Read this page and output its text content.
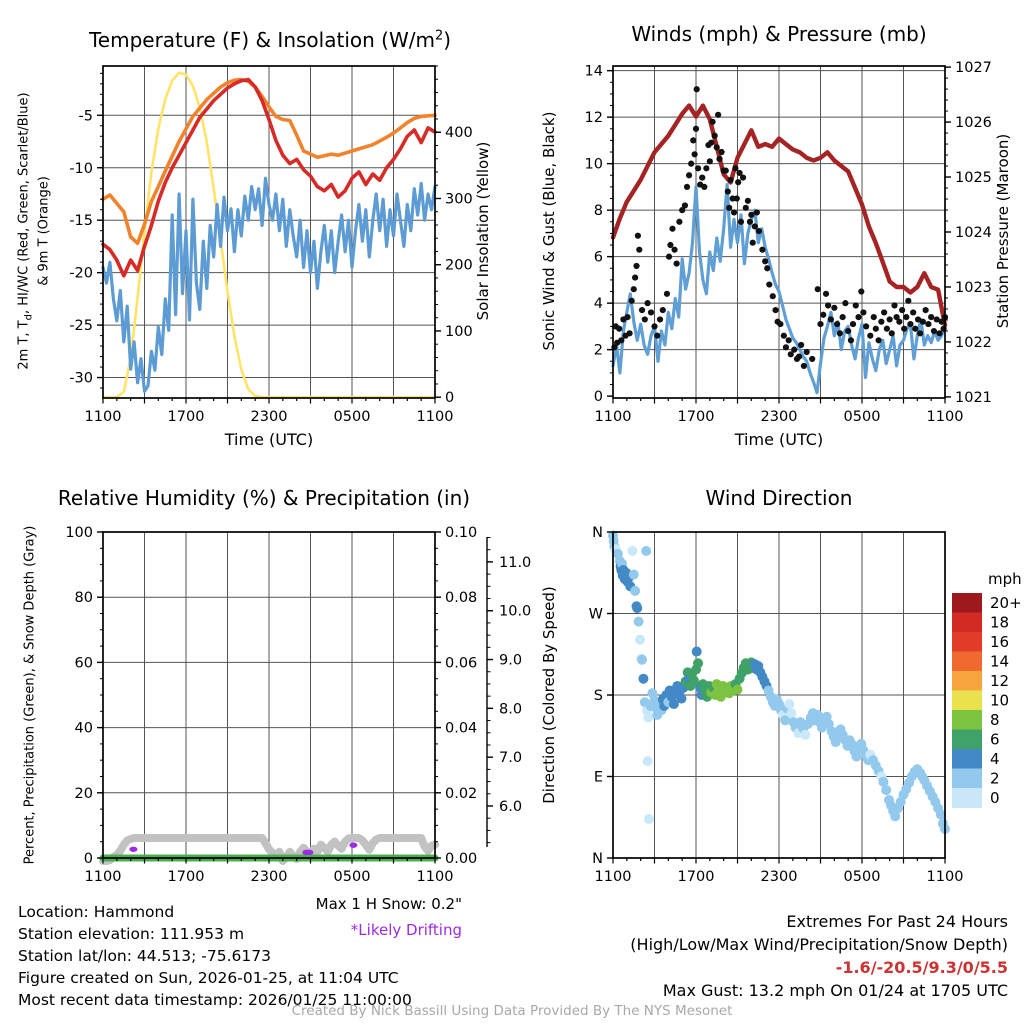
1100	1700	2300	0500	1100
-30
-25
-20
-15
-10
-5
0
100
200
300
400
1100	1700	2300	0500	1100
0
2
4
6
8
10
12
14
1021
1022
1023
1024
1025
1026
1027
1100	1700	2300	0500	1100
0
20
40
60
80
100
0.00
0.02
0.04
0.06
0.08
0.10
6.0
7.0
8.0
9.0
10.0
11.0
1100	1700	2300	0500	1100
N
E
S
W
N
mph
20+
18
16
14
12
10
8
6
4
2
0
Temperature (F) & Insolation $(W/m^2)$	Winds (mph) & Pressure (mb)
Relative Humidity (%) & Precipitation (in)	Wind Direction
2m T, $T_d$, HI/WC (Red, Green, Scarlet/Blue) & 9m T (Orange)	Solar Insolation (Yellow)	Sonic Wind & Gust (Blue, Black)	Station Pressure (Maroon)
Percent, Precipitation (Green), & Snow Depth (Gray)	Direction (Colored By Speed)
Time (UTC)	Time (UTC)
Max 1 H Snow: 0.2"
*Likely Drifting
Location: Hammond
Station elevation: 111.953 m
Station lat/lon: 44.513; -75.6173
Figure created on Sun, 2026-01-25, at 11:04 UTC
Most recent data timestamp: 2026/01/25 11:00:00
Extremes For Past 24 Hours
(High/Low/Max Wind/Precipitation/Snow Depth)
-1.6/-20.5/9.3/0/5.5
Max Gust: 13.2 mph On 01/24 at 1705 UTC
Created By Nick Bassill Using Data Provided By The NYS Mesonet
